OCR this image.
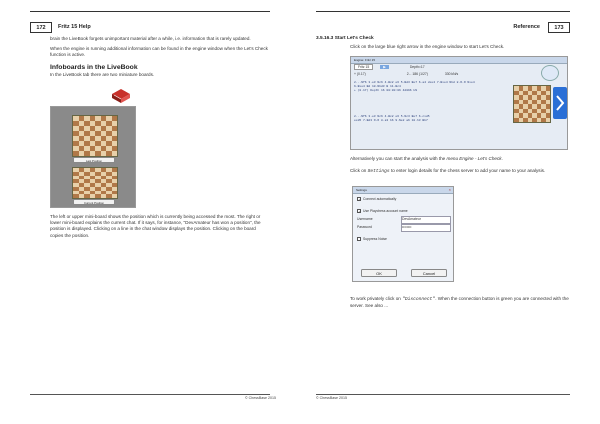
172	Fritz 15 Help

brain the LiveBook forgets unimportant material after a while, i.e. information that is rarely updated.

When the engine is running additional information can be found in the engine window when the Let's Check function is active.

Infoboards in the LiveBook

In the LiveBook tab there are two miniature boards.

Last Position
Current Position

The left or upper mini-board shows the position which is currently being accessed the most. The right or lower mini-board explains the current chat. If it says, for instance, "DevAmateur has won a position", the position is displayed. Clicking on a line in the chat window displays the position. Clicking on the board copies the position.

© ChessBase 2015
Reference	173
3.5.16.3 Start Let's Check
Click on the large blue right arrow in the engine window to start Let's Check.
Engine: Fritz 15
Fritz 15	▶	Depth=17
+ (0.17)	2... 186 (1/27)	330 kN/s
2...Nf6 3.e3 Nc6 4.Bc2 e6 5.Bd3 Be7 6.a4 dxe4 7.Bxe4 Nbd 8.O-O Nxe4
6.Bxe4 Bd 10.Nbd3 B 11.Bc4
+ (0.17) Depth 16 00:00:06 42096 kN
2...Nf6 3.e3 Nc6 4.Bc2 e6 5.Nc3 Be7 6.cxd5
exd5 7.Bd3 O-O 8.a3 b6 9.Ne2 a6 10.h3 Bb7
Alternatively you can start the analysis with the menu Engine - Let's Check.
Click on Settings to enter login details for the chess server to add your name to your analysis.
Settings	×
✓ Connect automatically
✓ Use Playchess account name
Username	DevAmateur
Password	••••••••
Suppress Noise
OK	Cancel
To work privately click on "Disconnect". When the connection button is green you are connected with the server. See also ...
© ChessBase 2015
